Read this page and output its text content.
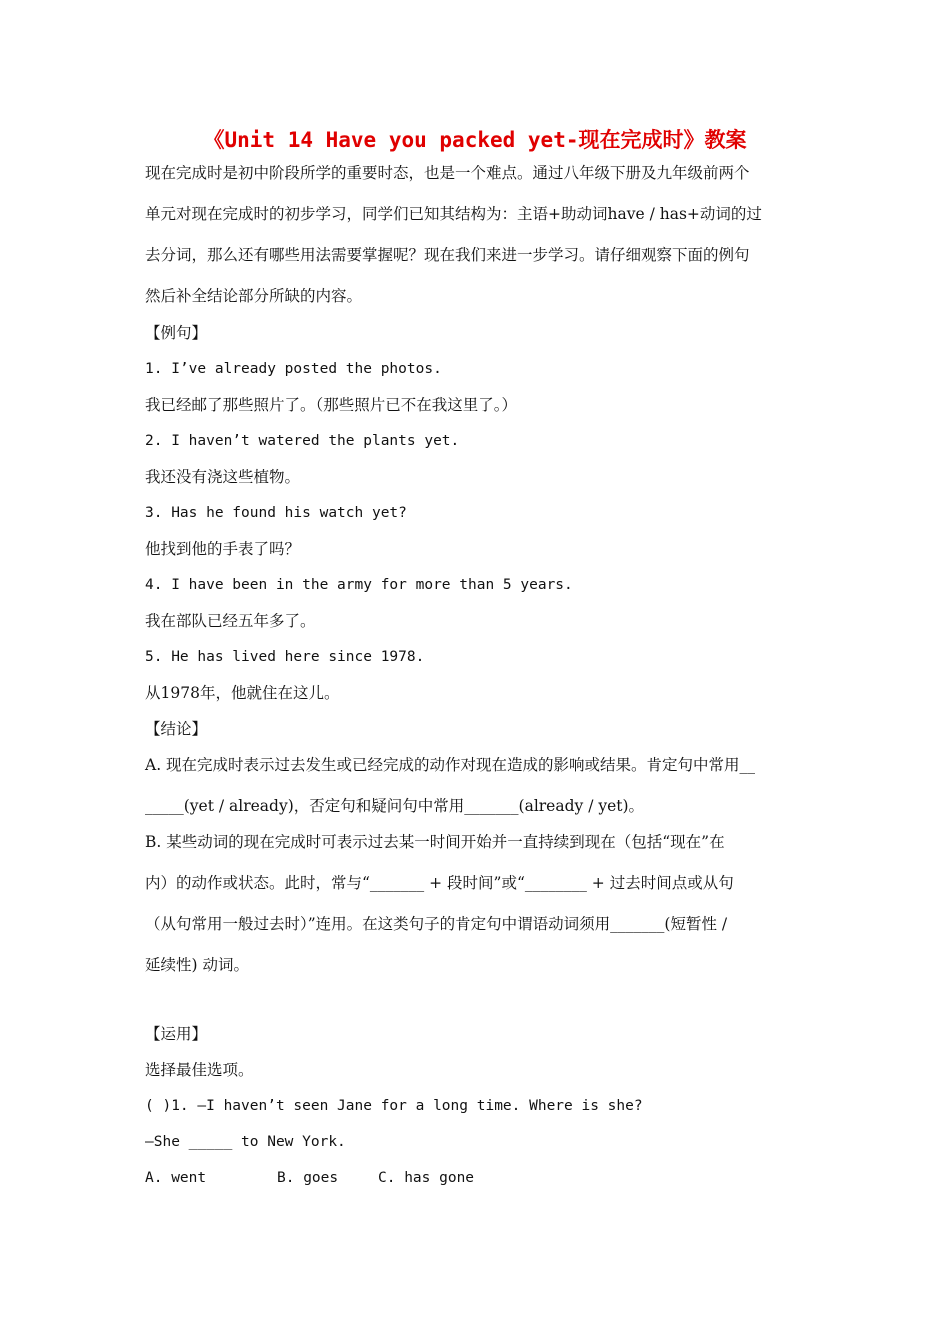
《Unit 14 Have you packed yet-现在完成时》教案
现在完成时是初中阶段所学的重要时态，也是一个难点。通过八年级下册及九年级前两个
单元对现在完成时的初步学习，同学们已知其结构为：主语+助动词have / has+动词的过
去分词，那么还有哪些用法需要掌握呢？现在我们来进一步学习。请仔细观察下面的例句
然后补全结论部分所缺的内容。
【例句】
1. I’ve already posted the photos.
我已经邮了那些照片了。（那些照片已不在我这里了。）
2. I haven’t watered the plants yet.
我还没有浇这些植物。
3. Has he found his watch yet?
他找到他的手表了吗？
4. I have been in the army for more than 5 years.
我在部队已经五年多了。
5. He has lived here since 1978.
从1978年，他就住在这儿。
【结论】
A. 现在完成时表示过去发生或已经完成的动作对现在造成的影响或结果。肯定句中常用__
_____(yet / already)，否定句和疑问句中常用_______(already / yet)。
B. 某些动词的现在完成时可表示过去某一时间开始并一直持续到现在（包括“现在”在
内）的动作或状态。此时，常与“_______ + 段时间”或“________ + 过去时间点或从句
（从句常用一般过去时）”连用。在这类句子的肯定句中谓语动词须用_______(短暂性 /
延续性) 动词。
【运用】
选择最佳选项。
( )1. —I haven’t seen Jane for a long time. Where is she?
—She _____ to New York.
A. went	B. goes	C. has gone
